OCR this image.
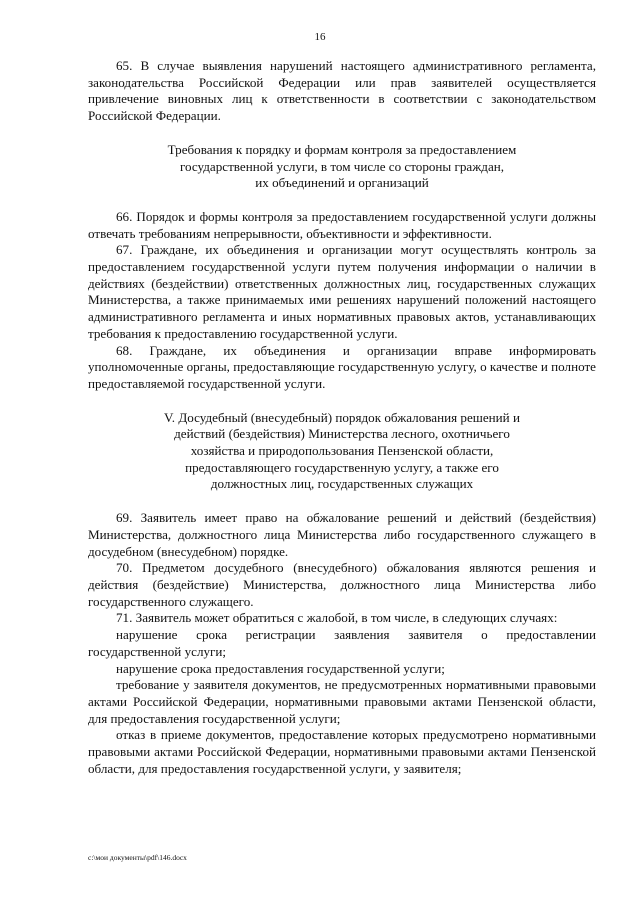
16

65. В случае выявления нарушений настоящего административного регламента, законодательства Российской Федерации или прав заявителей осуществляется привлечение виновных лиц к ответственности в соответствии с законодательством Российской Федерации.

Требования к порядку и формам контроля за предоставлением
государственной услуги, в том числе со стороны граждан,
их объединений и организаций

66. Порядок и формы контроля за предоставлением государственной услуги должны отвечать требованиям непрерывности, объективности и эффективности.

67. Граждане, их объединения и организации могут осуществлять контроль за предоставлением государственной услуги путем получения информации о наличии в действиях (бездействии) ответственных должностных лиц, государственных служащих Министерства, а также принимаемых ими решениях нарушений положений настоящего административного регламента и иных нормативных правовых актов, устанавливающих требования к предоставлению государственной услуги.

68. Граждане, их объединения и организации вправе информировать уполномоченные органы, предоставляющие государственную услугу, о качестве и полноте предоставляемой государственной услуги.

V. Досудебный (внесудебный) порядок обжалования решений и
действий (бездействия) Министерства лесного, охотничьего
хозяйства и природопользования Пензенской области,
предоставляющего государственную услугу, а также его
должностных лиц, государственных служащих

69. Заявитель имеет право на обжалование решений и действий (бездействия) Министерства, должностного лица Министерства либо государственного служащего в досудебном (внесудебном) порядке.

70. Предметом досудебного (внесудебного) обжалования являются решения и действия (бездействие) Министерства, должностного лица Министерства либо государственного служащего.

71. Заявитель может обратиться с жалобой, в том числе, в следующих случаях:

нарушение срока регистрации заявления заявителя о предоставлении государственной услуги;

нарушение срока предоставления государственной услуги;

требование у заявителя документов, не предусмотренных нормативными правовыми актами Российской Федерации, нормативными правовыми актами Пензенской области, для предоставления государственной услуги;

отказ в приеме документов, предоставление которых предусмотрено нормативными правовыми актами Российской Федерации, нормативными правовыми актами Пензенской области, для предоставления государственной услуги, у заявителя;

c:\мои документы\pdf\146.docx
